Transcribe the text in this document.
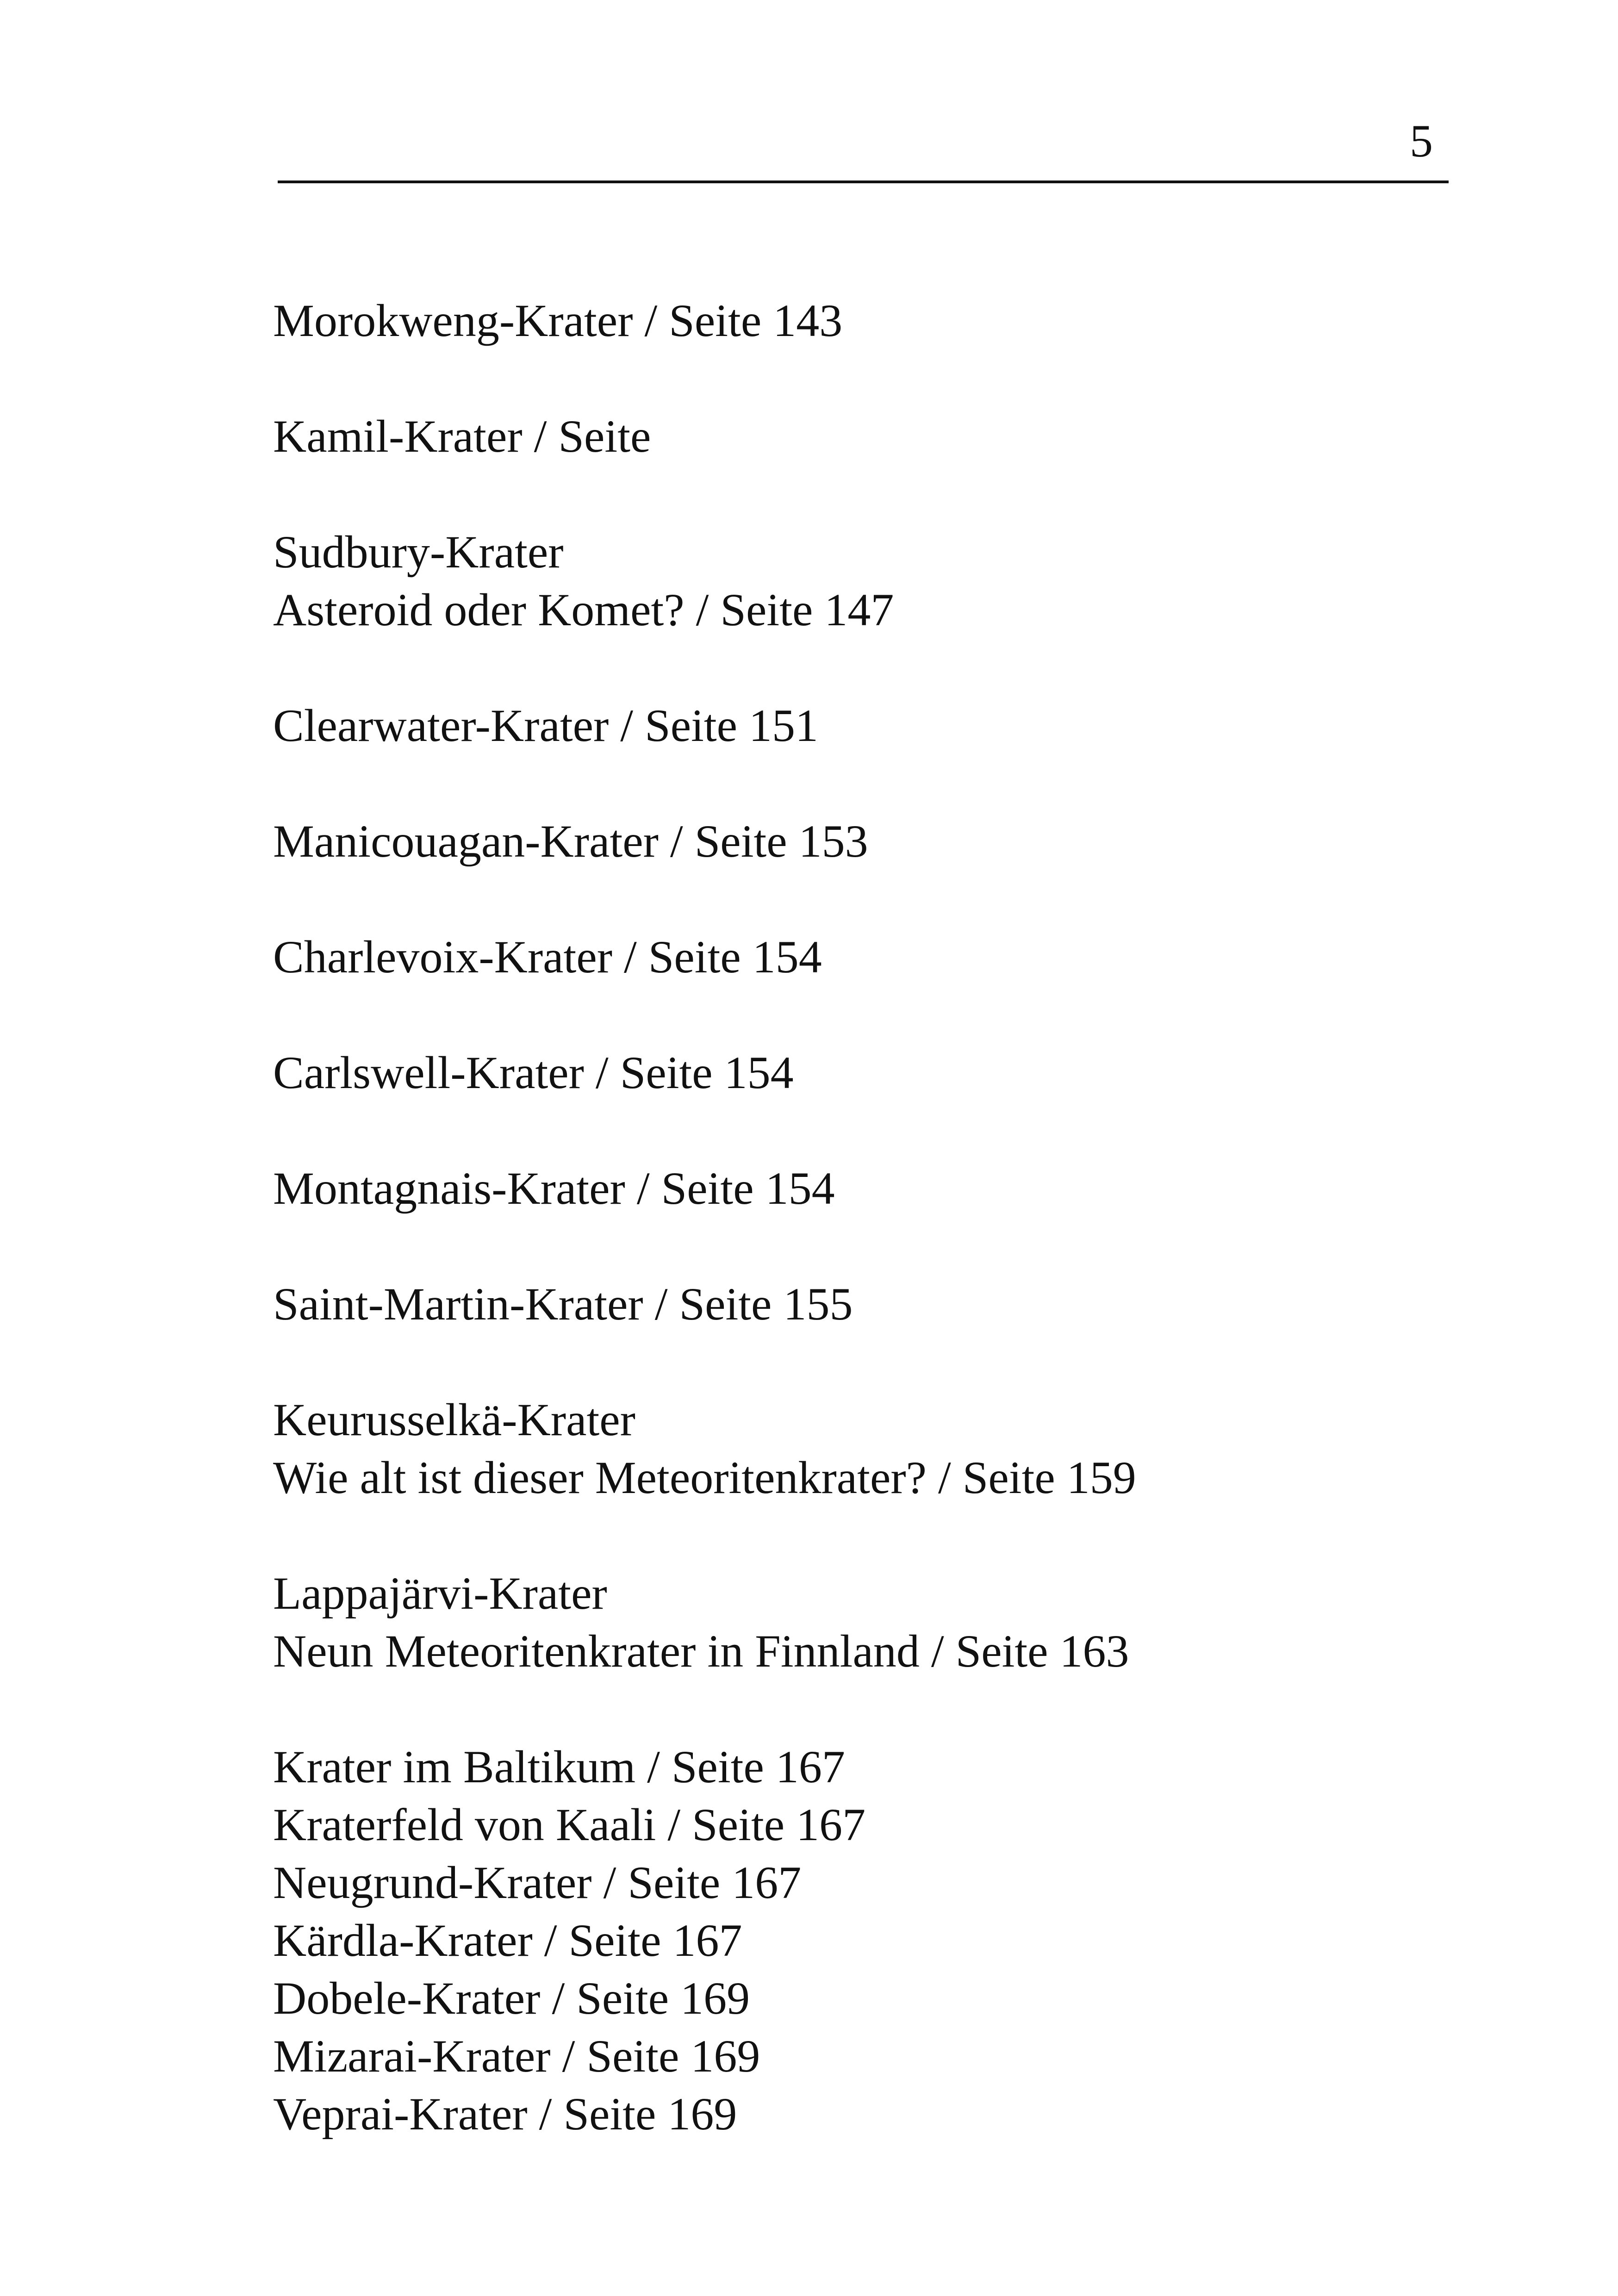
5
Morokweng-Krater / Seite 143
Kamil-Krater / Seite
Sudbury-Krater
Asteroid oder Komet? / Seite 147
Clearwater-Krater / Seite 151
Manicouagan-Krater / Seite 153
Charlevoix-Krater / Seite 154
Carlswell-Krater / Seite 154
Montagnais-Krater / Seite 154
Saint-Martin-Krater / Seite 155
Keurusselkä-Krater
Wie alt ist dieser Meteoritenkrater? / Seite 159
Lappajärvi-Krater
Neun Meteoritenkrater in Finnland / Seite 163
Krater im Baltikum / Seite 167
Kraterfeld von Kaali / Seite 167
Neugrund-Krater / Seite 167
Kärdla-Krater / Seite 167
Dobele-Krater / Seite 169
Mizarai-Krater / Seite 169
Veprai-Krater / Seite 169
